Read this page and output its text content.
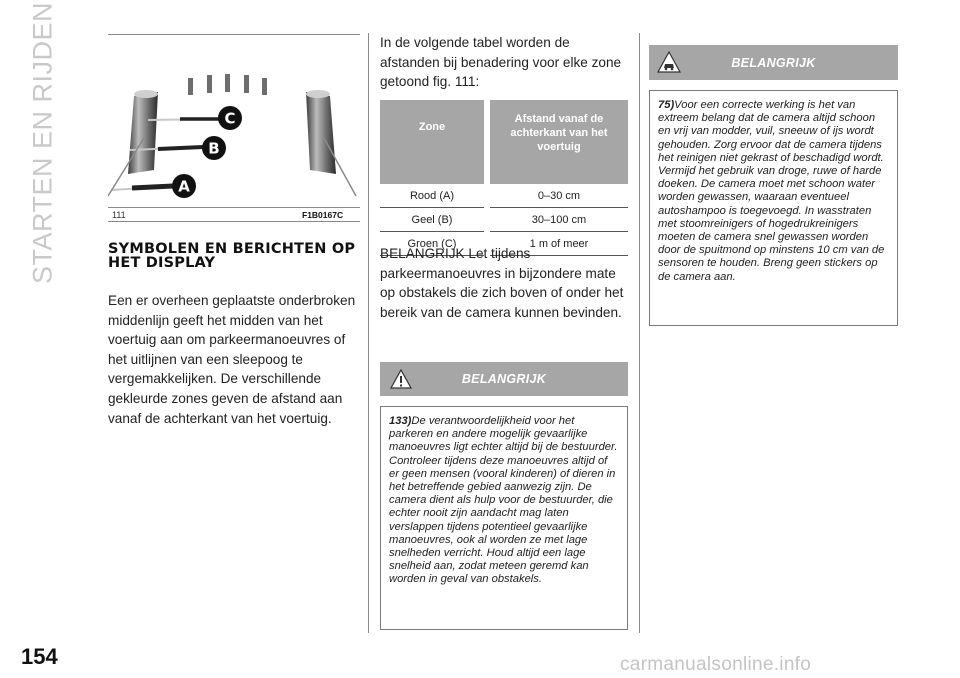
STARTEN EN RIJDEN	C
B
A
111	F1B0167C
SYMBOLEN EN BERICHTEN OP HET DISPLAY

Een er overheen geplaatste onderbroken middenlijn geeft het midden van het voertuig aan om parkeermanoeuvres of het uitlijnen van een sleepoog te vergemakkelijken. De verschillende gekleurde zones geven de afstand aan vanaf de achterkant van het voertuig.

In de volgende tabel worden de afstanden bij benadering voor elke zone getoond fig. 111:

Zone	Afstand vanaf de achterkant van het voertuig
Rood (A)	0–30 cm
Geel (B)	30–100 cm
Groen (C)	1 m of meer

BELANGRIJK Let tijdens parkeermanoeuvres in bijzondere mate op obstakels die zich boven of onder het bereik van de camera kunnen bevinden.

BELANGRIJK
133)De verantwoordelijkheid voor het parkeren en andere mogelijk gevaarlijke manoeuvres ligt echter altijd bij de bestuurder. Controleer tijdens deze manoeuvres altijd of er geen mensen (vooral kinderen) of dieren in het betreffende gebied aanwezig zijn. De camera dient als hulp voor de bestuurder, die echter nooit zijn aandacht mag laten verslappen tijdens potentieel gevaarlijke manoeuvres, ook al worden ze met lage snelheden verricht. Houd altijd een lage snelheid aan, zodat meteen geremd kan worden in geval van obstakels.
BELANGRIJK
75)Voor een correcte werking is het van extreem belang dat de camera altijd schoon en vrij van modder, vuil, sneeuw of ijs wordt gehouden. Zorg ervoor dat de camera tijdens het reinigen niet gekrast of beschadigd wordt. Vermijd het gebruik van droge, ruwe of harde doeken. De camera moet met schoon water worden gewassen, waaraan eventueel autoshampoo is toegevoegd. In wasstraten met stoomreinigers of hogedrukreinigers moeten de camera snel gewassen worden door de spuitmond op minstens 10 cm van de sensoren te houden. Breng geen stickers op de camera aan.
154	carmanualsonline.info
